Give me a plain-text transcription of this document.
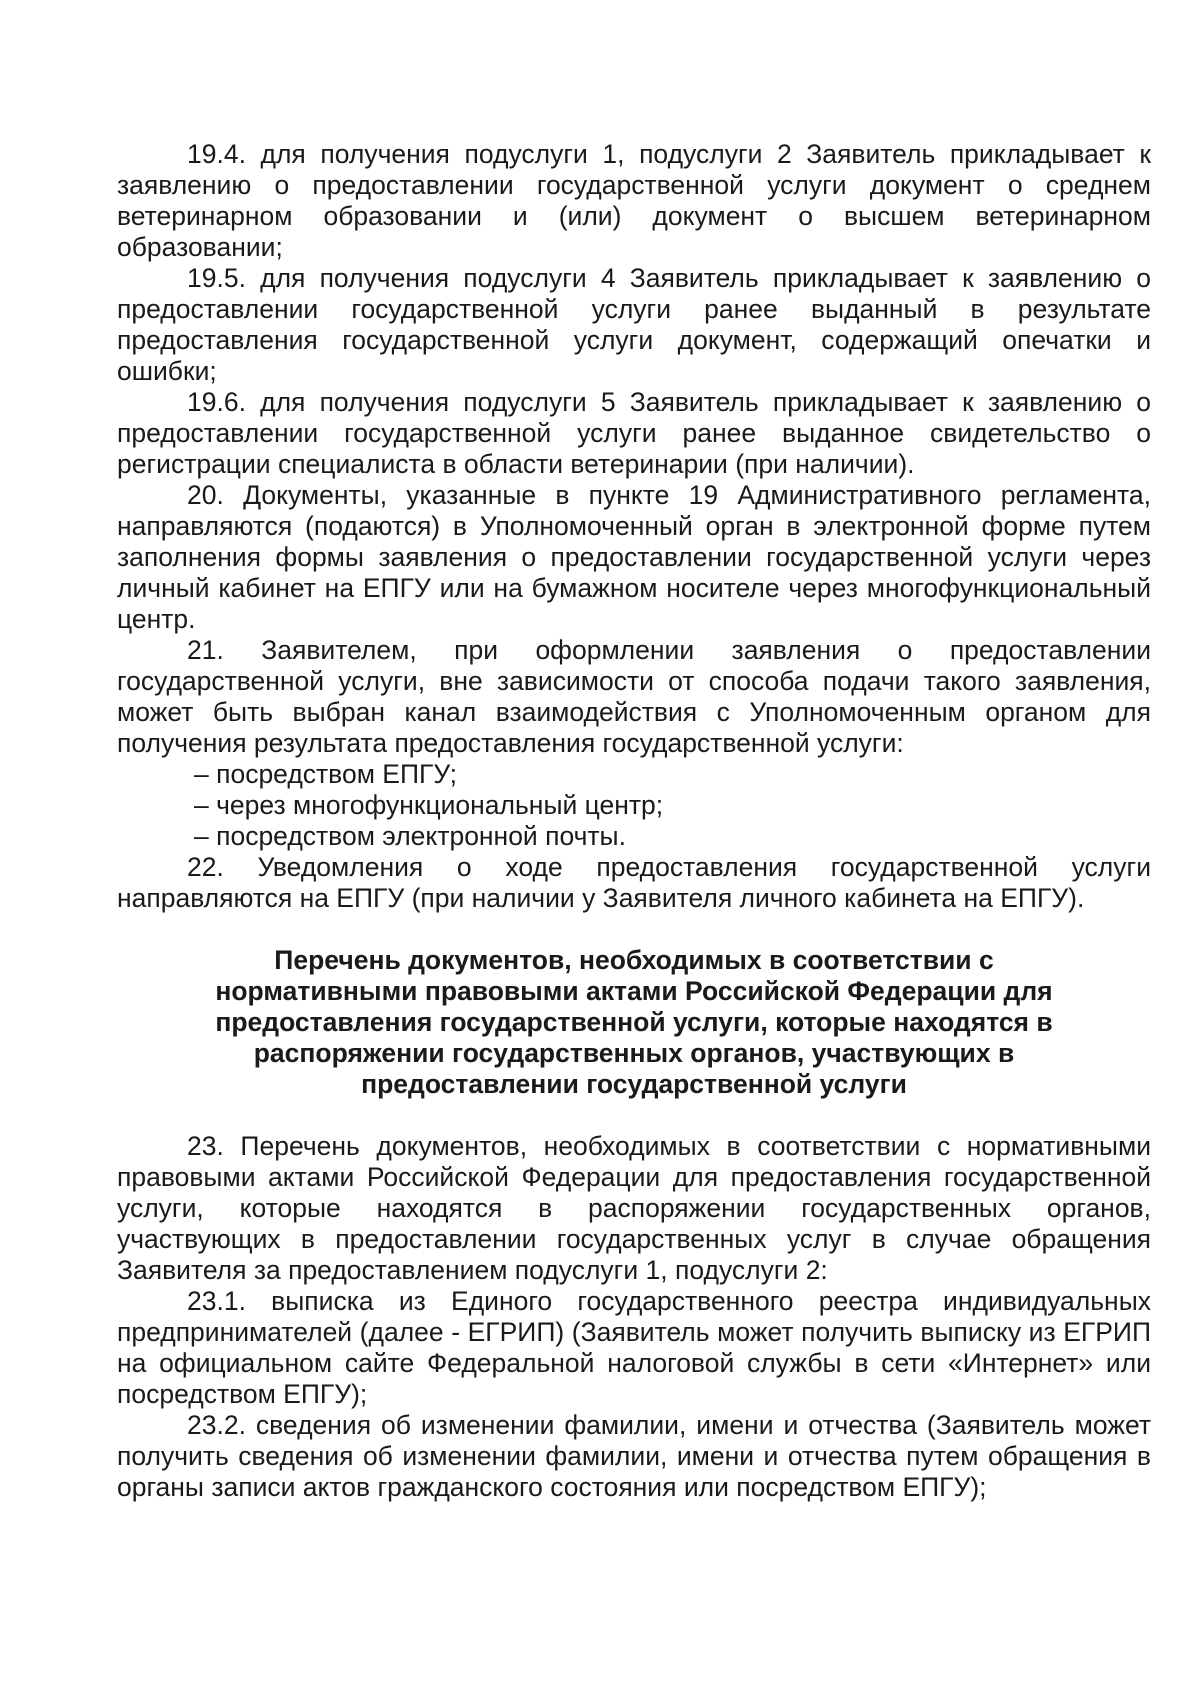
19.4. для получения подуслуги 1, подуслуги 2 Заявитель прикладывает к заявлению о предоставлении государственной услуги документ о среднем ветеринарном образовании и (или) документ о высшем ветеринарном образовании;

19.5. для получения подуслуги 4 Заявитель прикладывает к заявлению о предоставлении государственной услуги ранее выданный в результате предоставления государственной услуги документ, содержащий опечатки и ошибки;

19.6. для получения подуслуги 5 Заявитель прикладывает к заявлению о предоставлении государственной услуги ранее выданное свидетельство о регистрации специалиста в области ветеринарии (при наличии).

20. Документы, указанные в пункте 19 Административного регламента, направляются (подаются) в Уполномоченный орган в электронной форме путем заполнения формы заявления о предоставлении государственной услуги через личный кабинет на ЕПГУ или на бумажном носителе через многофункциональный центр.

21. Заявителем, при оформлении заявления о предоставлении государственной услуги, вне зависимости от способа подачи такого заявления, может быть выбран канал взаимодействия с Уполномоченным органом для получения результата предоставления государственной услуги:

– посредством ЕПГУ;
– через многофункциональный центр;
– посредством электронной почты.

22. Уведомления о ходе предоставления государственной услуги направляются на ЕПГУ (при наличии у Заявителя личного кабинета на ЕПГУ).

Перечень документов, необходимых в соответствии с нормативными правовыми актами Российской Федерации для предоставления государственной услуги, которые находятся в распоряжении государственных органов, участвующих в предоставлении государственной услуги

23. Перечень документов, необходимых в соответствии с нормативными правовыми актами Российской Федерации для предоставления государственной услуги, которые находятся в распоряжении государственных органов, участвующих в предоставлении государственных услуг в случае обращения Заявителя за предоставлением подуслуги 1, подуслуги 2:

23.1. выписка из Единого государственного реестра индивидуальных предпринимателей (далее - ЕГРИП) (Заявитель может получить выписку из ЕГРИП на официальном сайте Федеральной налоговой службы в сети «Интернет» или посредством ЕПГУ);

23.2. сведения об изменении фамилии, имени и отчества (Заявитель может получить сведения об изменении фамилии, имени и отчества путем обращения в органы записи актов гражданского состояния или посредством ЕПГУ);
